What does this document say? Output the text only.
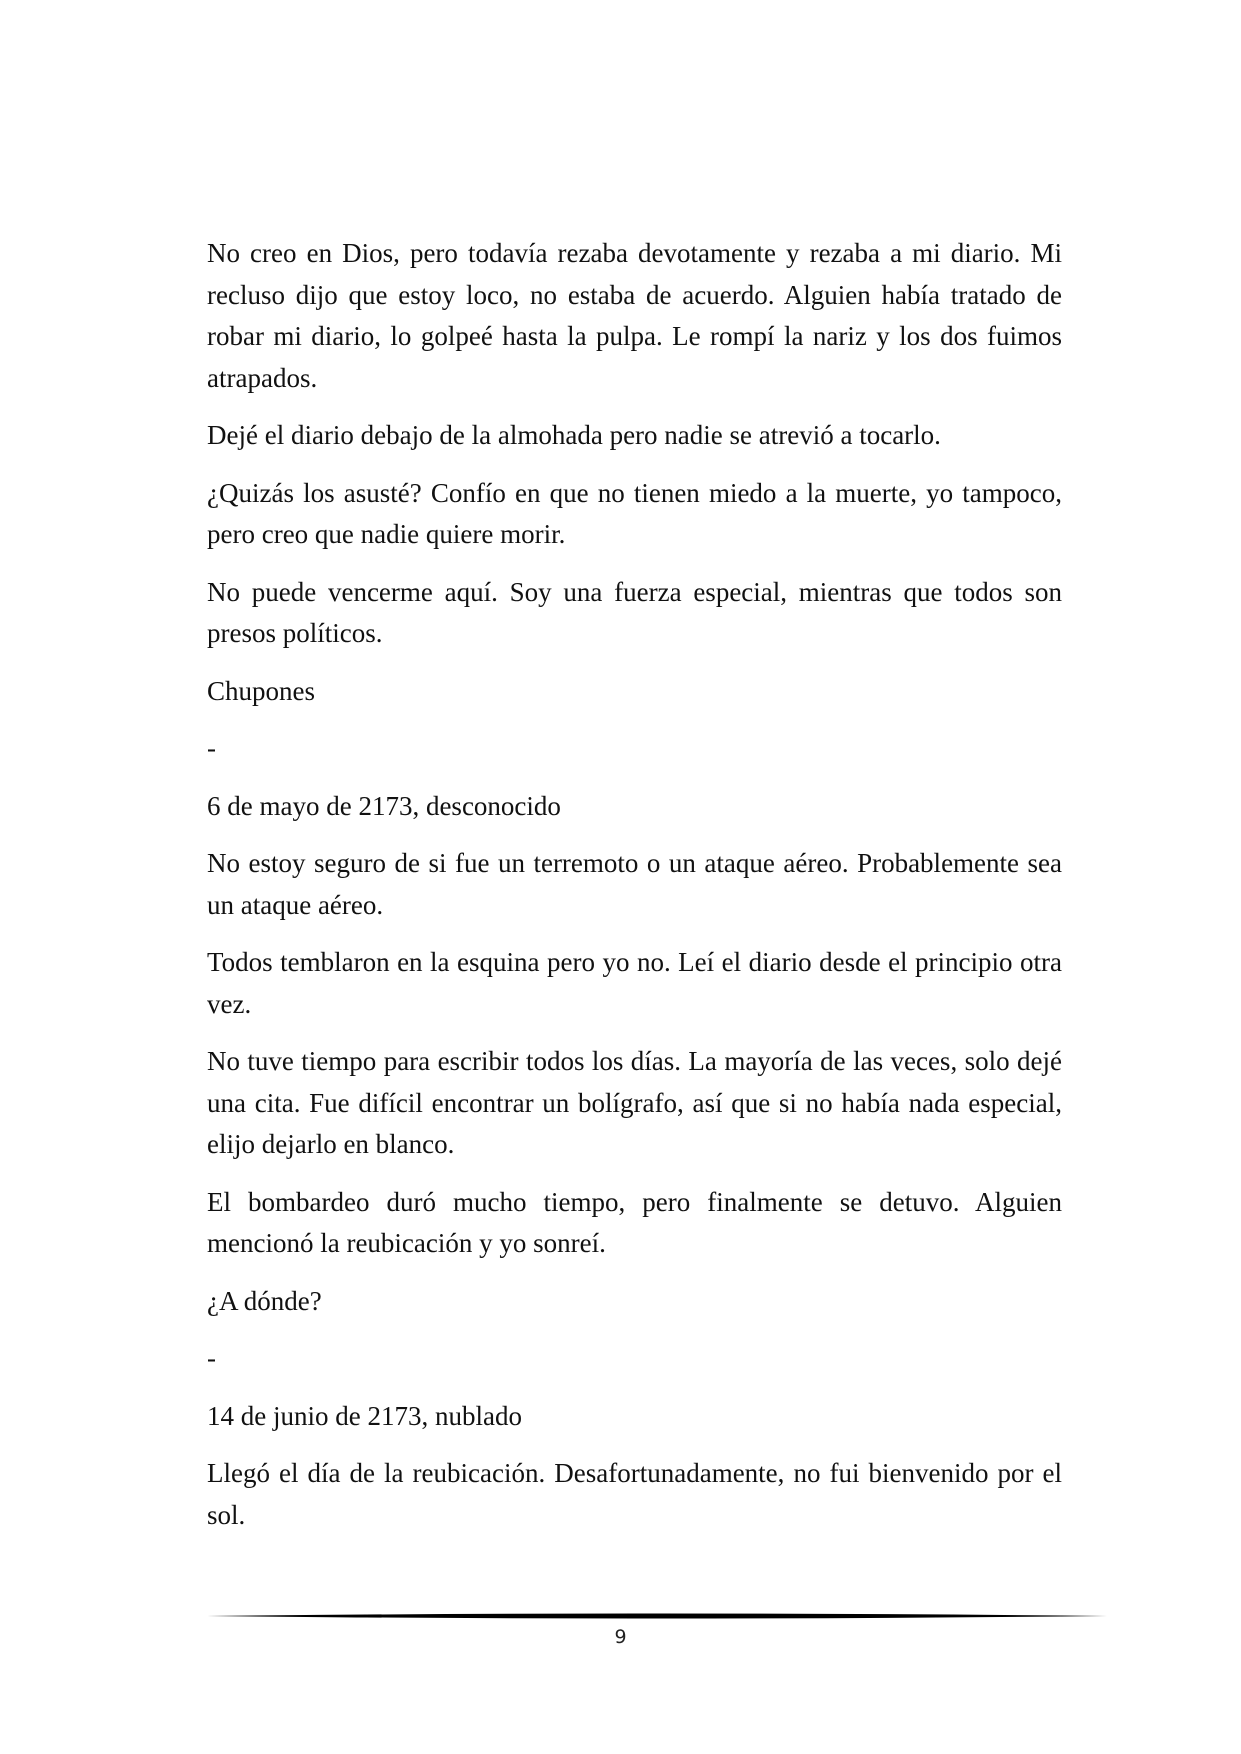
No creo en Dios, pero todavía rezaba devotamente y rezaba a mi diario. Mi recluso dijo que estoy loco, no estaba de acuerdo. Alguien había tratado de robar mi diario, lo golpeé hasta la pulpa. Le rompí la nariz y los dos fuimos atrapados.

Dejé el diario debajo de la almohada pero nadie se atrevió a tocarlo.

¿Quizás los asusté? Confío en que no tienen miedo a la muerte, yo tampoco, pero creo que nadie quiere morir.

No puede vencerme aquí. Soy una fuerza especial, mientras que todos son presos políticos.

Chupones

-

6 de mayo de 2173, desconocido

No estoy seguro de si fue un terremoto o un ataque aéreo. Probablemente sea un ataque aéreo.

Todos temblaron en la esquina pero yo no. Leí el diario desde el principio otra vez.

No tuve tiempo para escribir todos los días. La mayoría de las veces, solo dejé una cita. Fue difícil encontrar un bolígrafo, así que si no había nada especial, elijo dejarlo en blanco.

El bombardeo duró mucho tiempo, pero finalmente se detuvo. Alguien mencionó la reubicación y yo sonreí.

¿A dónde?

-

14 de junio de 2173, nublado

Llegó el día de la reubicación. Desafortunadamente, no fui bienvenido por el sol.

9
